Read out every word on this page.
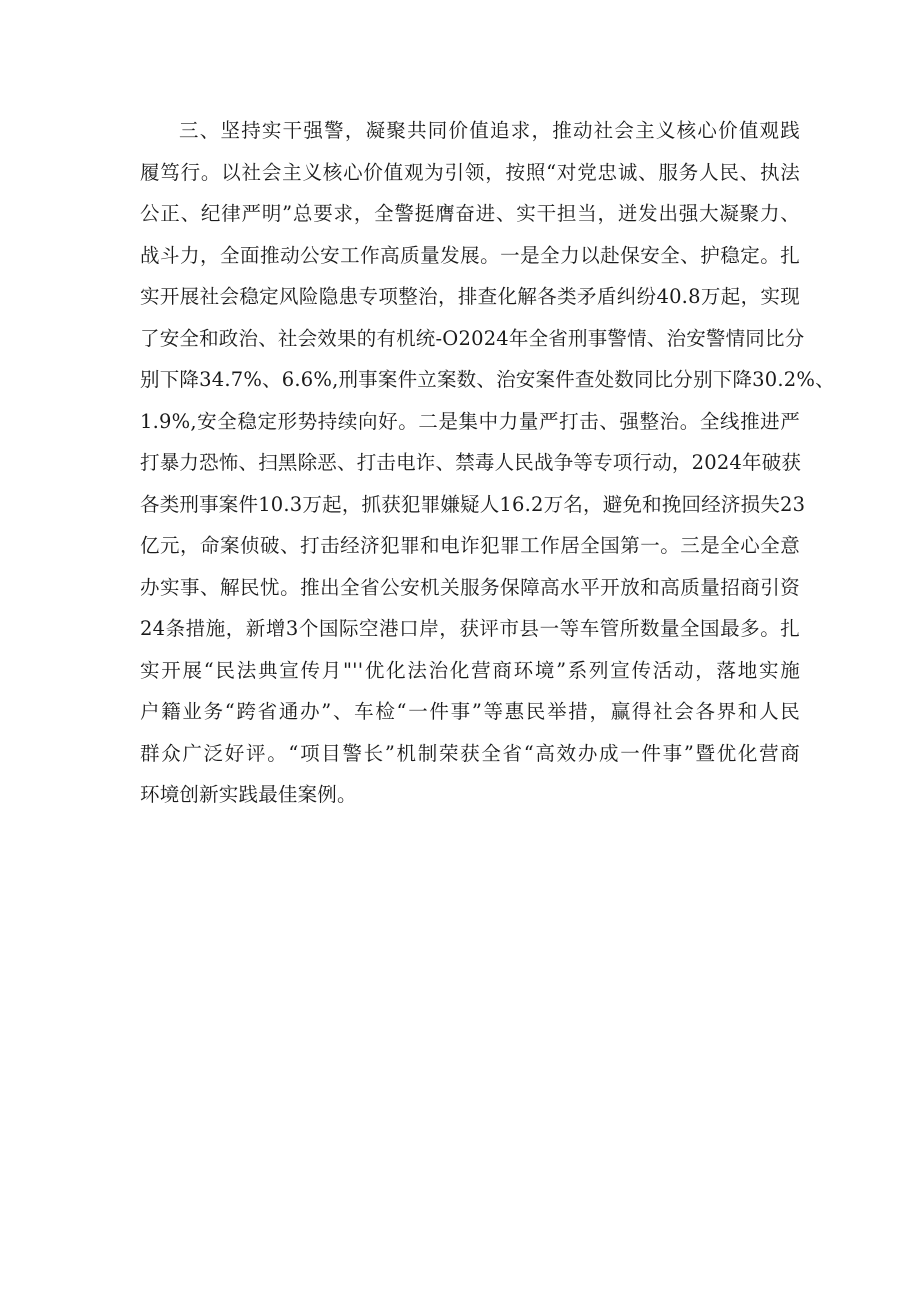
三、坚持实干强警，凝聚共同价值追求，推动社会主义核心价值观践
履笃行。以社会主义核心价值观为引领，按照“对党忠诚、服务人民、执法
公正、纪律严明”总要求，全警挺膺奋进、实干担当，迸发出强大凝聚力、
战斗力，全面推动公安工作高质量发展。一是全力以赴保安全、护稳定。扎
实开展社会稳定风险隐患专项整治，排查化解各类矛盾纠纷40.8万起，实现
了安全和政治、社会效果的有机统-O2024年全省刑事警情、治安警情同比分
别下降34.7%、6.6%,刑事案件立案数、治安案件查处数同比分别下降30.2%、
1.9%,安全稳定形势持续向好。二是集中力量严打击、强整治。全线推进严
打暴力恐怖、扫黑除恶、打击电诈、禁毒人民战争等专项行动，2024年破获
各类刑事案件10.3万起，抓获犯罪嫌疑人16.2万名，避免和挽回经济损失23
亿元，命案侦破、打击经济犯罪和电诈犯罪工作居全国第一。三是全心全意
办实事、解民忧。推出全省公安机关服务保障高水平开放和高质量招商引资
24条措施，新增3个国际空港口岸，获评市县一等车管所数量全国最多。扎
实开展“民法典宣传月"''优化法治化营商环境”系列宣传活动，落地实施
户籍业务“跨省通办”、车检“一件事”等惠民举措，赢得社会各界和人民
群众广泛好评。“项目警长”机制荣获全省“高效办成一件事”暨优化营商
环境创新实践最佳案例。
